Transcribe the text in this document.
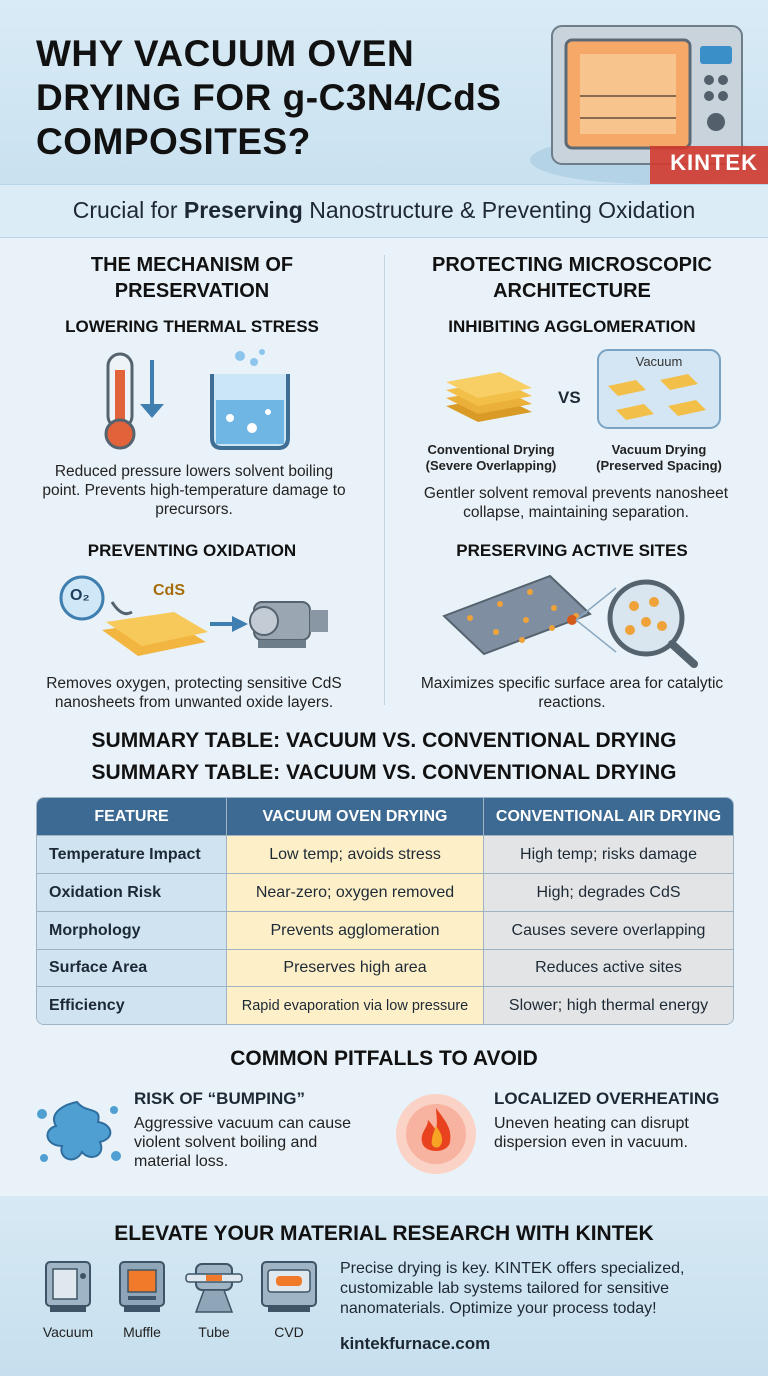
WHY VACUUM OVEN DRYING FOR g-C3N4/CdS COMPOSITES?
KINTEK
Crucial for Preserving Nanostructure & Preventing Oxidation
THE MECHANISM OF PRESERVATION
LOWERING THERMAL STRESS
Reduced pressure lowers solvent boiling point. Prevents high-temperature damage to precursors.
PREVENTING OXIDATION
O₂	CdS
Removes oxygen, protecting sensitive CdS nanosheets from unwanted oxide layers.
PROTECTING MICROSCOPIC ARCHITECTURE
INHIBITING AGGLOMERATION
VS
Vacuum
Conventional Drying (Severe Overlapping)
Vacuum Drying (Preserved Spacing)
Gentler solvent removal prevents nanosheet collapse, maintaining separation.
PRESERVING ACTIVE SITES
Maximizes specific surface area for catalytic reactions.
SUMMARY TABLE: VACUUM VS. CONVENTIONAL DRYING
SUMMARY TABLE: VACUUM VS. CONVENTIONAL DRYING
FEATURE	VACUUM OVEN DRYING	CONVENTIONAL AIR DRYING
Temperature Impact	Low temp; avoids stress	High temp; risks damage
Oxidation Risk	Near-zero; oxygen removed	High; degrades CdS
Morphology	Prevents agglomeration	Causes severe overlapping
Surface Area	Preserves high area	Reduces active sites
Efficiency	Rapid evaporation via low pressure	Slower; high thermal energy
COMMON PITFALLS TO AVOID
RISK OF “BUMPING”
Aggressive vacuum can cause violent solvent boiling and material loss.
LOCALIZED OVERHEATING
Uneven heating can disrupt dispersion even in vacuum.
ELEVATE YOUR MATERIAL RESEARCH WITH KINTEK
Vacuum	Muffle	Tube	CVD
Precise drying is key. KINTEK offers specialized, customizable lab systems tailored for sensitive nanomaterials. Optimize your process today!
kintekfurnace.com
